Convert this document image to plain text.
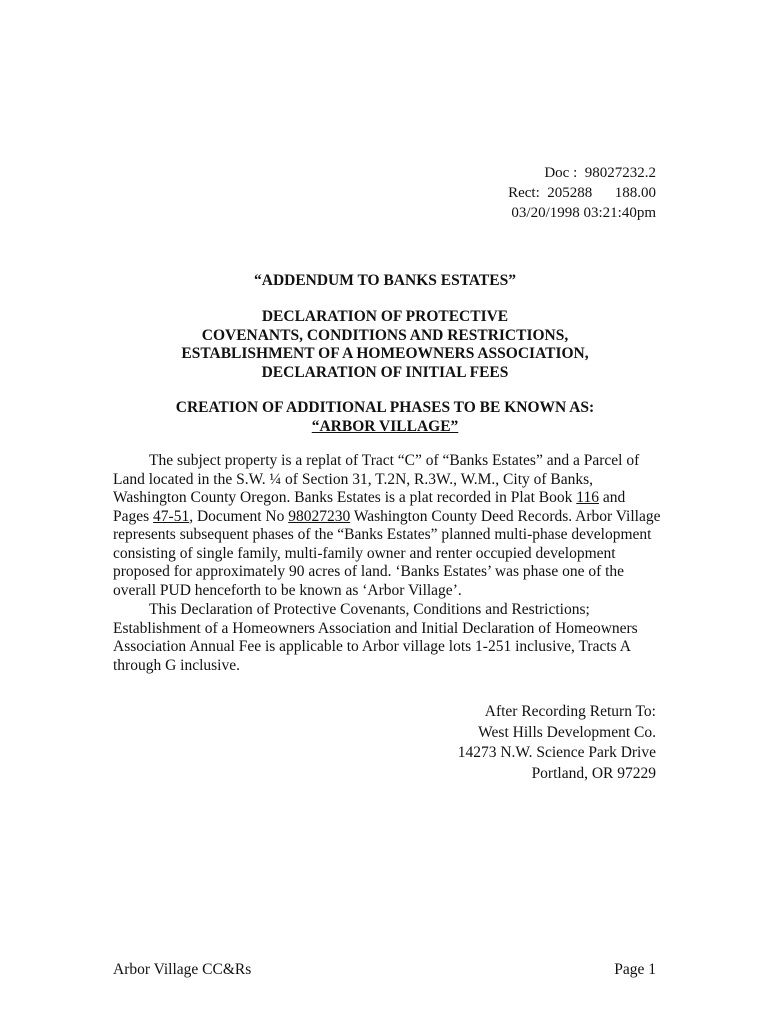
Doc :  98027232.2
Rect:  205288      188.00
03/20/1998 03:21:40pm
“ADDENDUM TO BANKS ESTATES”
DECLARATION OF PROTECTIVE
COVENANTS, CONDITIONS AND RESTRICTIONS,
ESTABLISHMENT OF A HOMEOWNERS ASSOCIATION,
DECLARATION OF INITIAL FEES
CREATION OF ADDITIONAL PHASES TO BE KNOWN AS:
“ARBOR VILLAGE”
The subject property is a replat of Tract “C” of “Banks Estates” and a Parcel of Land located in the S.W. ¼ of Section 31, T.2N, R.3W., W.M., City of Banks, Washington County Oregon. Banks Estates is a plat recorded in Plat Book 116 and Pages 47-51, Document No 98027230 Washington County Deed Records. Arbor Village represents subsequent phases of the “Banks Estates” planned multi-phase development consisting of single family, multi-family owner and renter occupied development proposed for approximately 90 acres of land. ‘Banks Estates’ was phase one of the overall PUD henceforth to be known as ‘Arbor Village’.
This Declaration of Protective Covenants, Conditions and Restrictions; Establishment of a Homeowners Association and Initial Declaration of Homeowners Association Annual Fee is applicable to Arbor village lots 1-251 inclusive, Tracts A through G inclusive.
After Recording Return To:
West Hills Development Co.
14273 N.W. Science Park Drive
Portland, OR 97229
Arbor Village CC&Rs	Page 1
